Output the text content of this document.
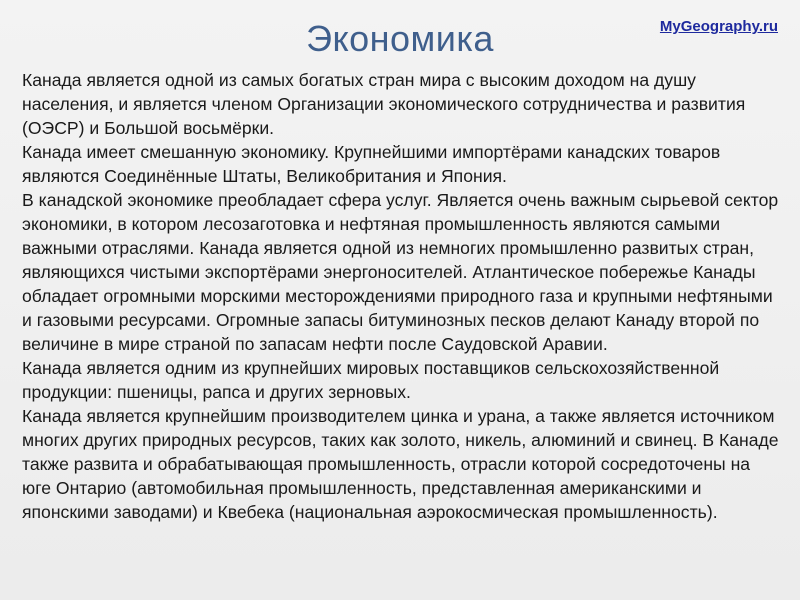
Экономика	MyGeography.ru

Канада является одной из самых богатых стран мира с высоким доходом на душу населения, и является членом Организации экономического сотрудничества и развития (ОЭСР) и Большой восьмёрки.

Канада имеет смешанную экономику. Крупнейшими импортёрами канадских товаров являются Соединённые Штаты, Великобритания и Япония.

В канадской экономике преобладает сфера услуг. Является очень важным сырьевой сектор экономики, в котором лесозаготовка и нефтяная промышленность являются самыми важными отраслями. Канада является одной из немногих промышленно развитых стран, являющихся чистыми экспортёрами энергоносителей. Атлантическое побережье Канады обладает огромными морскими месторождениями природного газа и крупными нефтяными и газовыми ресурсами. Огромные запасы битуминозных песков делают Канаду второй по величине в мире страной по запасам нефти после Саудовской Аравии.

Канада является одним из крупнейших мировых поставщиков сельскохозяйственной продукции: пшеницы, рапса и других зерновых.

Канада является крупнейшим производителем цинка и урана, а также является источником многих других природных ресурсов, таких как золото, никель, алюминий и свинец. В Канаде также развита и обрабатывающая промышленность, отрасли которой сосредоточены на юге Онтарио (автомобильная промышленность, представленная американскими и японскими заводами) и Квебека (национальная аэрокосмическая промышленность).
